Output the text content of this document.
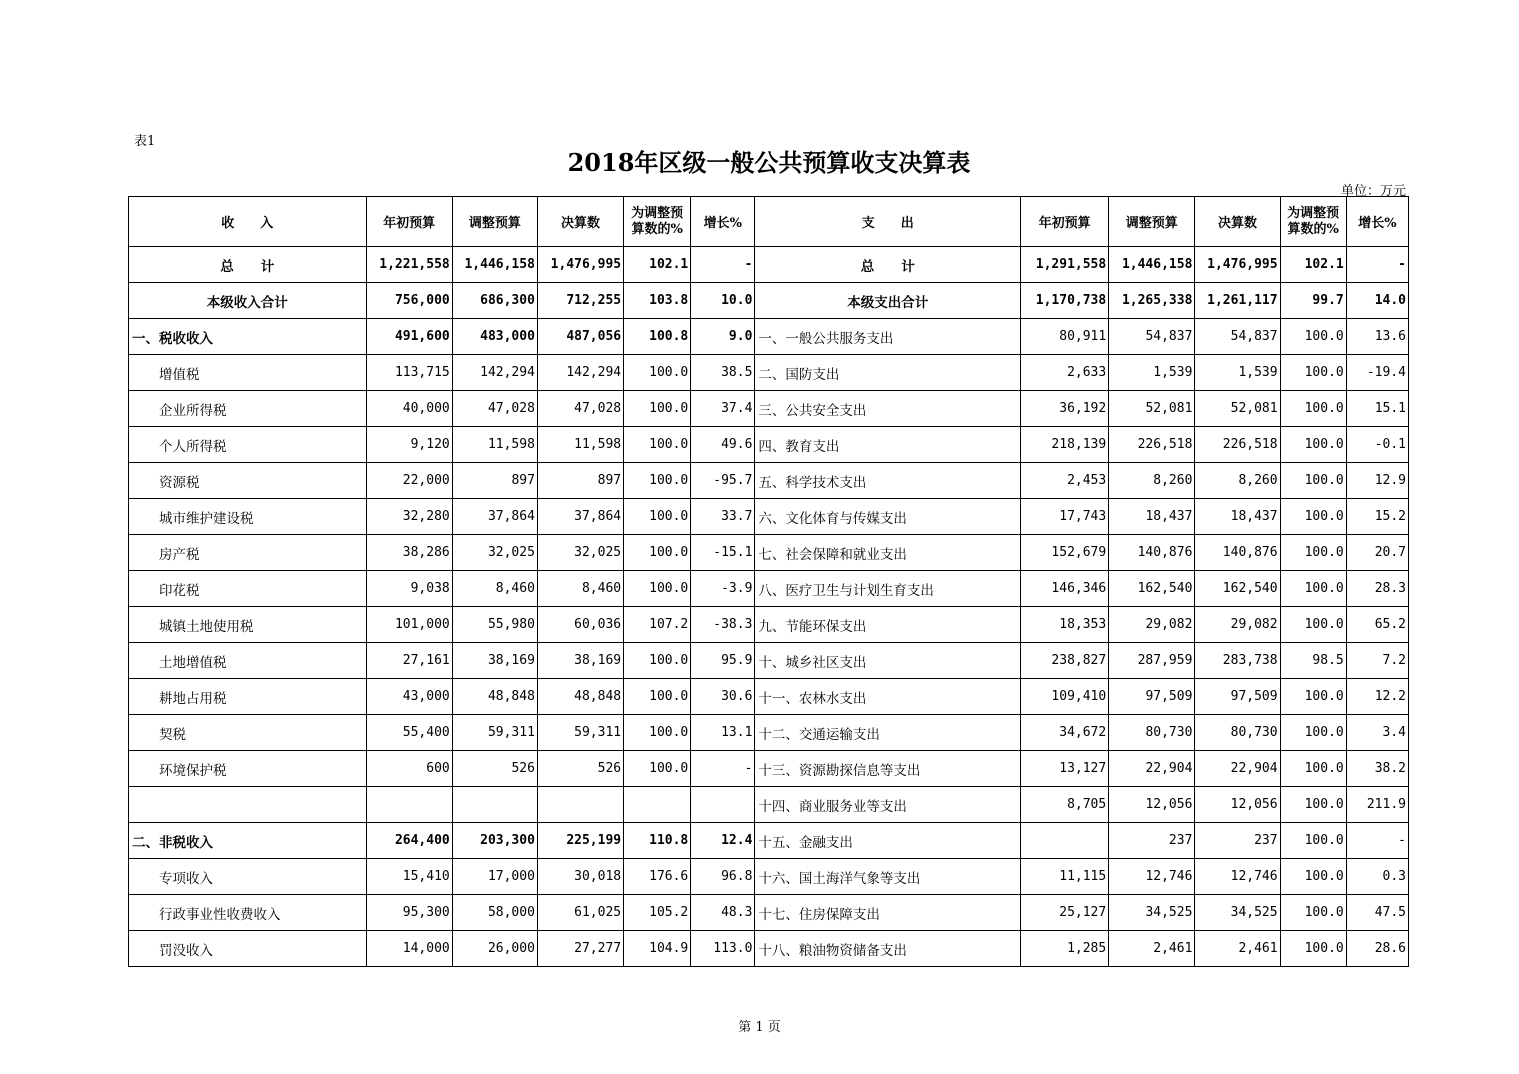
表1
2018年区级一般公共预算收支决算表
单位：万元
收　　入	年初预算	调整预算	决算数	为调整预算数的%	增长%	支　　出	年初预算	调整预算	决算数	为调整预算数的%	增长%
总　　计	1,221,558	1,446,158	1,476,995	102.1	-	总　　计	1,291,558	1,446,158	1,476,995	102.1	-
本级收入合计	756,000	686,300	712,255	103.8	10.0	本级支出合计	1,170,738	1,265,338	1,261,117	99.7	14.0
一、税收收入	491,600	483,000	487,056	100.8	9.0	一、一般公共服务支出	80,911	54,837	54,837	100.0	13.6
增值税	113,715	142,294	142,294	100.0	38.5	二、国防支出	2,633	1,539	1,539	100.0	-19.4
企业所得税	40,000	47,028	47,028	100.0	37.4	三、公共安全支出	36,192	52,081	52,081	100.0	15.1
个人所得税	9,120	11,598	11,598	100.0	49.6	四、教育支出	218,139	226,518	226,518	100.0	-0.1
资源税	22,000	897	897	100.0	-95.7	五、科学技术支出	2,453	8,260	8,260	100.0	12.9
城市维护建设税	32,280	37,864	37,864	100.0	33.7	六、文化体育与传媒支出	17,743	18,437	18,437	100.0	15.2
房产税	38,286	32,025	32,025	100.0	-15.1	七、社会保障和就业支出	152,679	140,876	140,876	100.0	20.7
印花税	9,038	8,460	8,460	100.0	-3.9	八、医疗卫生与计划生育支出	146,346	162,540	162,540	100.0	28.3
城镇土地使用税	101,000	55,980	60,036	107.2	-38.3	九、节能环保支出	18,353	29,082	29,082	100.0	65.2
土地增值税	27,161	38,169	38,169	100.0	95.9	十、城乡社区支出	238,827	287,959	283,738	98.5	7.2
耕地占用税	43,000	48,848	48,848	100.0	30.6	十一、农林水支出	109,410	97,509	97,509	100.0	12.2
契税	55,400	59,311	59,311	100.0	13.1	十二、交通运输支出	34,672	80,730	80,730	100.0	3.4
环境保护税	600	526	526	100.0	-	十三、资源勘探信息等支出	13,127	22,904	22,904	100.0	38.2
						十四、商业服务业等支出	8,705	12,056	12,056	100.0	211.9
二、非税收入	264,400	203,300	225,199	110.8	12.4	十五、金融支出		237	237	100.0	-
专项收入	15,410	17,000	30,018	176.6	96.8	十六、国土海洋气象等支出	11,115	12,746	12,746	100.0	0.3
行政事业性收费收入	95,300	58,000	61,025	105.2	48.3	十七、住房保障支出	25,127	34,525	34,525	100.0	47.5
罚没收入	14,000	26,000	27,277	104.9	113.0	十八、粮油物资储备支出	1,285	2,461	2,461	100.0	28.6
第 1 页
